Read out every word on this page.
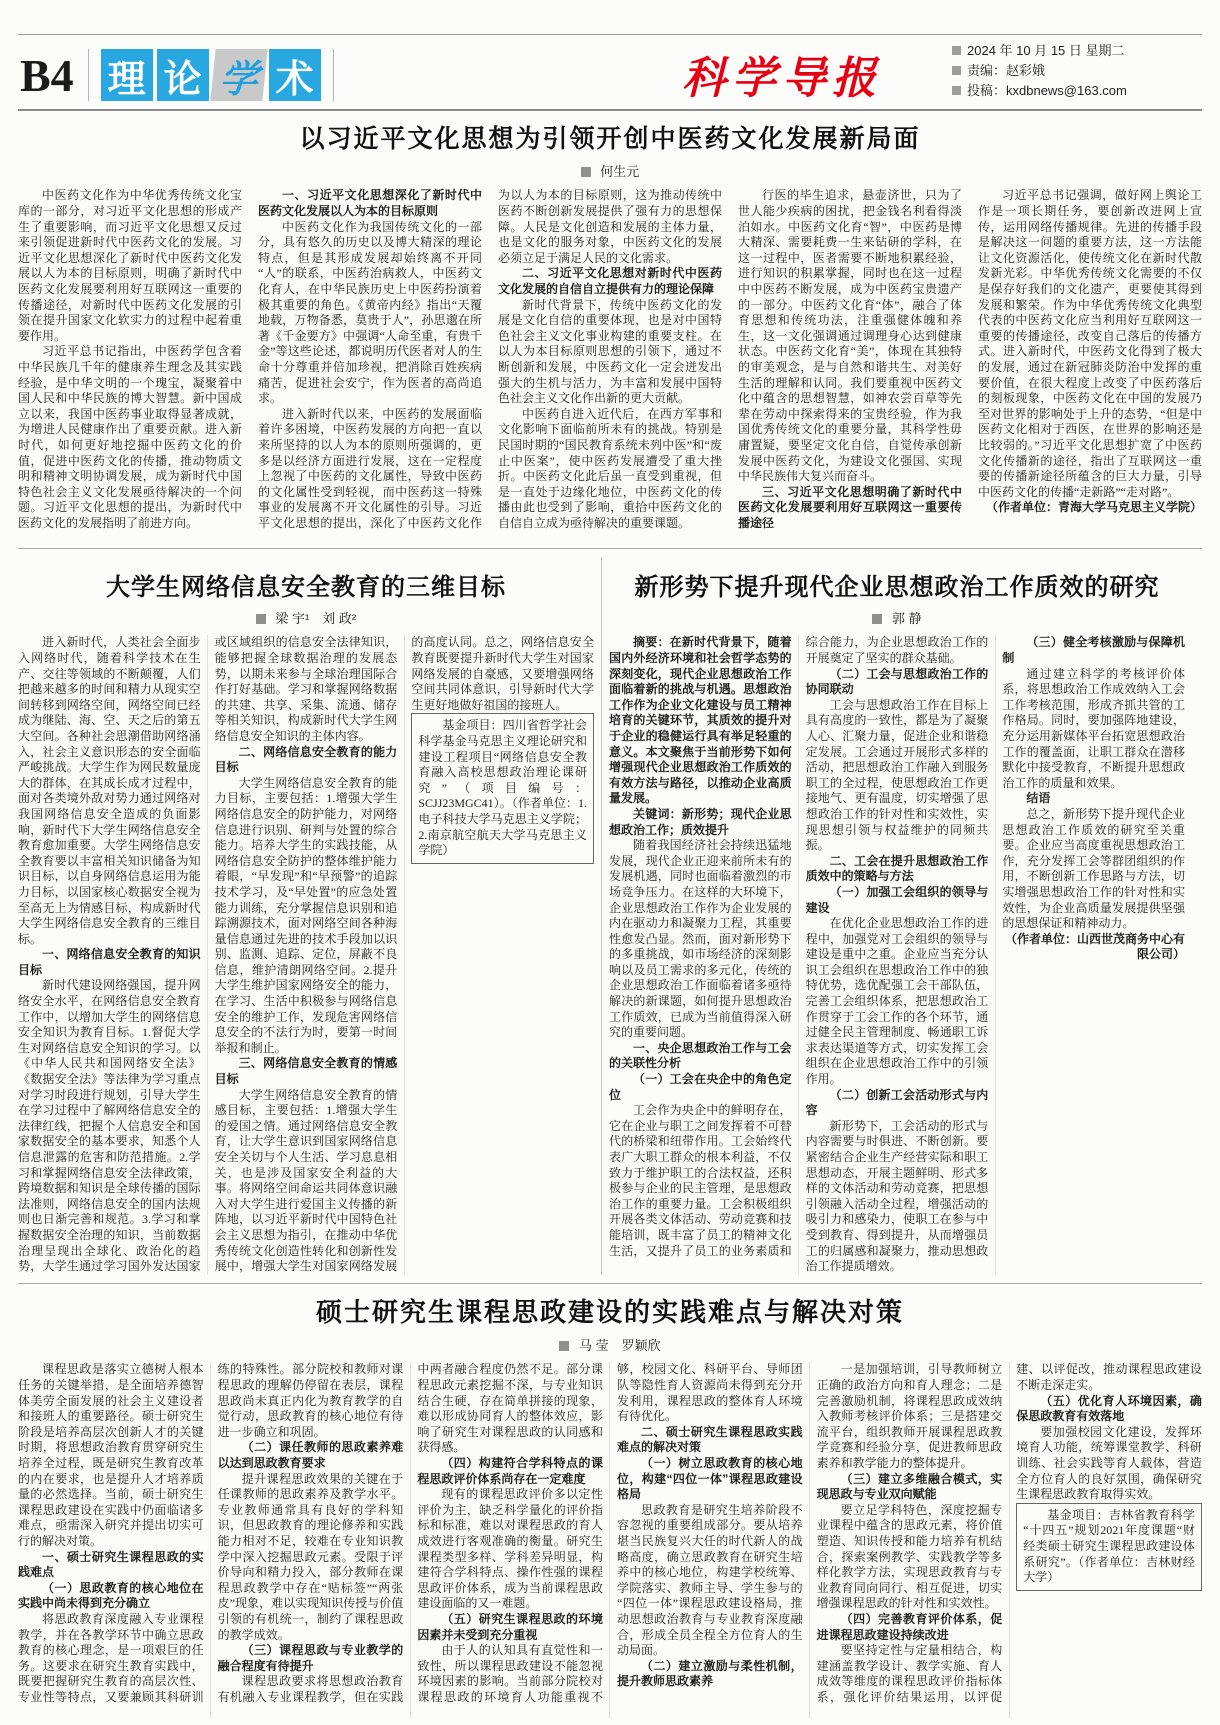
B4 理 论 学 术	科学导报
2024 年 10 月 15 日 星期二
责编：赵彩娥
投稿：kxdbnews@163.com
以习近平文化思想为引领开创中医药文化发展新局面
何生元

中医药文化作为中华优秀传统文化宝库的一部分，对习近平文化思想的形成产生了重要影响，而习近平文化思想又反过来引领促进新时代中医药文化的发展。习近平文化思想深化了新时代中医药文化发展以人为本的目标原则，明确了新时代中医药文化发展要利用好互联网这一重要的传播途径，对新时代中医药文化发展的引领在提升国家文化软实力的过程中起着重要作用。

习近平总书记指出，中医药学包含着中华民族几千年的健康养生理念及其实践经验，是中华文明的一个瑰宝，凝聚着中国人民和中华民族的博大智慧。新中国成立以来，我国中医药事业取得显著成就，为增进人民健康作出了重要贡献。进入新时代，如何更好地挖掘中医药文化的价值，促进中医药文化的传播，推动物质文明和精神文明协调发展，成为新时代中国特色社会主义文化发展亟待解决的一个问题。习近平文化思想的提出，为新时代中医药文化的发展指明了前进方向。

一、习近平文化思想深化了新时代中医药文化发展以人为本的目标原则

中医药文化作为我国传统文化的一部分，具有悠久的历史以及博大精深的理论特点，但是其形成发展却始终离不开同“人”的联系，中医药治病救人，中医药文化育人，在中华民族历史上中医药扮演着极其重要的角色。《黄帝内经》指出“天覆地载，万物备悉，莫贵于人”，孙思邈在所著《千金要方》中强调“人命至重，有贵千金”等这些论述，都说明历代医者对人的生命十分尊重并倍加珍视，把消除百姓疾病痛苦，促进社会安宁，作为医者的高尚追求。

进入新时代以来，中医药的发展面临着许多困境，中医药发展的方向把一直以来所坚持的以人为本的原则所强调的，更多是以经济方面进行发展，这在一定程度上忽视了中医药的文化属性，导致中医药的文化属性受到轻视，而中医药这一特殊事业的发展离不开文化属性的引导。习近平文化思想的提出，深化了中医药文化作为以人为本的目标原则，这为推动传统中医药不断创新发展提供了强有力的思想保障。人民是文化创造和发展的主体力量，也是文化的服务对象，中医药文化的发展必须立足于满足人民的文化需求。

二、习近平文化思想对新时代中医药文化发展的自信自立提供有力的理论保障

新时代背景下，传统中医药文化的发展是文化自信的重要体现，也是对中国特色社会主义文化事业构建的重要支柱。在以人为本目标原则思想的引领下，通过不断创新和发展，中医药文化一定会迸发出强大的生机与活力，为丰富和发展中国特色社会主义文化作出新的更大贡献。

中医药自进入近代后，在西方军事和文化影响下面临前所未有的挑战。特别是民国时期的“国民教育系统未列中医”和“废止中医案”，使中医药发展遭受了重大挫折。中医药文化此后虽一直受到重视，但是一直处于边缘化地位，中医药文化的传播由此也受到了影响，重拾中医药文化的自信自立成为亟待解决的重要课题。

行医的毕生追求，悬壶济世，只为了世人能少疾病的困扰，把金钱名利看得淡泊如水。中医药文化育“智”，中医药是博大精深、需要耗费一生来钻研的学科，在这一过程中，医者需要不断地积累经验，进行知识的积累掌握，同时也在这一过程中中医药不断发展，成为中医药宝贵遗产的一部分。中医药文化育“体”，融合了体育思想和传统功法，注重强健体魄和养生，这一文化强调通过调理身心达到健康状态。中医药文化育“美”，体现在其独特的审美观念，是与自然和谐共生、对美好生活的理解和认同。我们要重视中医药文化中蕴含的思想智慧，如神农尝百草等先辈在劳动中探索得来的宝贵经验，作为我国优秀传统文化的重要分量，其科学性毋庸置疑，要坚定文化自信，自觉传承创新发展中医药文化，为建设文化强国、实现中华民族伟大复兴而奋斗。

三、习近平文化思想明确了新时代中医药文化发展要利用好互联网这一重要传播途径

习近平总书记强调，做好网上舆论工作是一项长期任务，要创新改进网上宣传，运用网络传播规律。先进的传播手段是解决这一问题的重要方法，这一方法能让文化资源活化，使传统文化在新时代散发新光彩。中华优秀传统文化需要的不仅是保存好我们的文化遗产，更要使其得到发展和繁荣。作为中华优秀传统文化典型代表的中医药文化应当利用好互联网这一重要的传播途径，改变自己落后的传播方式。进入新时代，中医药文化得到了极大的发展，通过在新冠肺炎防治中发挥的重要价值，在很大程度上改变了中医药落后的刻板现象，中医药文化在中国的发展乃至对世界的影响处于上升的态势，“但是中医药文化相对于西医，在世界的影响还是比较弱的。”习近平文化思想扩宽了中医药文化传播新的途径，指出了互联网这一重要的传播新途径所蕴含的巨大力量，引导中医药文化的传播“走新路”“走对路”。

（作者单位：青海大学马克思主义学院）

大学生网络信息安全教育的三维目标
梁 宇¹　刘 政²

进入新时代，人类社会全面步入网络时代，随着科学技术在生产、交往等领域的不断颠覆，人们把越来越多的时间和精力从现实空间转移到网络空间，网络空间已经成为继陆、海、空、天之后的第五大空间。各种社会思潮借助网络涌入，社会主义意识形态的安全面临严峻挑战。大学生作为网民数量庞大的群体，在其成长成才过程中，面对各类境外敌对势力通过网络对我国网络信息安全造成的负面影响，新时代下大学生网络信息安全教育愈加重要。大学生网络信息安全教育要以丰富相关知识储备为知识目标，以自身网络信息运用为能力目标，以国家核心数据安全视为至高无上为情感目标，构成新时代大学生网络信息安全教育的三维目标。

一、网络信息安全教育的知识目标

新时代建设网络强国，提升网络安全水平，在网络信息安全教育工作中，以增加大学生的网络信息安全知识为教育目标。1.督促大学生对网络信息安全知识的学习。以《中华人民共和国网络安全法》《数据安全法》等法律为学习重点对学习时段进行规划，引导大学生在学习过程中了解网络信息安全的法律红线，把握个人信息安全和国家数据安全的基本要求，知悉个人信息泄露的危害和防范措施。2.学习和掌握网络信息安全法律政策，跨境数据和知识是全球传播的国际法准则，网络信息安全的国内法规则也日渐完善和规范。3.学习和掌握数据安全治理的知识，当前数据治理呈现出全球化、政治化的趋势，大学生通过学习国外发达国家或区域组织的信息安全法律知识，能够把握全球数据治理的发展态势，以期未来参与全球治理国际合作打好基础。学习和掌握网络数据的共建、共享、采集、流通、储存等相关知识，构成新时代大学生网络信息安全知识的主体内容。

二、网络信息安全教育的能力目标

大学生网络信息安全教育的能力目标，主要包括：1.增强大学生网络信息安全的防护能力，对网络信息进行识别、研判与处置的综合能力。培养大学生的实践技能，从网络信息安全防护的整体维护能力着眼，“早发现”和“早预警”的追踪技术学习，及“早处置”的应急处置能力训练，充分掌握信息识别和追踪溯源技术，面对网络空间各种海量信息通过先进的技术手段加以识别、监测、追踪、定位，屏蔽不良信息，维护清朗网络空间。2.提升大学生维护国家网络安全的能力，在学习、生活中积极参与网络信息安全的维护工作，发现危害网络信息安全的不法行为时，要第一时间举报和制止。

三、网络信息安全教育的情感目标

大学生网络信息安全教育的情感目标，主要包括：1.增强大学生的爱国之情。通过网络信息安全教育，让大学生意识到国家网络信息安全关切与个人生活、学习息息相关，也是涉及国家安全利益的大事。将网络空间命运共同体意识融入对大学生进行爱国主义传播的新阵地，以习近平新时代中国特色社会主义思想为指引，在推动中华优秀传统文化创造性转化和创新性发展中，增强大学生对国家网络发展的高度认同。总之，网络信息安全教育既要提升新时代大学生对国家网络发展的自豪感，又要增强网络空间共同体意识，引导新时代大学生更好地做好祖国的接班人。

基金项目：四川省哲学社会科学基金马克思主义理论研究和建设工程项目“网络信息安全教育融入高校思想政治理论课研究”（项目编号：SCJJ23MGC41）。（作者单位：1.电子科技大学马克思主义学院；2.南京航空航天大学马克思主义学院）
新形势下提升现代企业思想政治工作质效的研究
郭 静

摘要：在新时代背景下，随着国内外经济环境和社会哲学态势的深刻变化，现代企业思想政治工作面临着新的挑战与机遇。思想政治工作作为企业文化建设与员工精神培育的关键环节，其质效的提升对于企业的稳健运行具有举足轻重的意义。本文聚焦于当前形势下如何增强现代企业思想政治工作质效的有效方法与路径，以推动企业高质量发展。

关键词：新形势；现代企业思想政治工作；质效提升

随着我国经济社会持续迅猛地发展，现代企业正迎来前所未有的发展机遇，同时也面临着激烈的市场竞争压力。在这样的大环境下，企业思想政治工作作为企业发展的内在驱动力和凝聚力工程，其重要性愈发凸显。然而，面对新形势下的多重挑战，如市场经济的深刻影响以及员工需求的多元化，传统的企业思想政治工作面临着诸多亟待解决的新课题，如何提升思想政治工作质效，已成为当前值得深入研究的重要问题。

一、央企思想政治工作与工会的关联性分析
（一）工会在央企中的角色定位

工会作为央企中的鲜明存在，它在企业与职工之间发挥着不可替代的桥梁和纽带作用。工会始终代表广大职工群众的根本利益，不仅致力于维护职工的合法权益，还积极参与企业的民主管理，是思想政治工作的重要力量。工会积极组织开展各类文体活动、劳动竞赛和技能培训，既丰富了员工的精神文化生活，又提升了员工的业务素质和综合能力，为企业思想政治工作的开展奠定了坚实的群众基础。

（二）工会与思想政治工作的协同联动

工会与思想政治工作在目标上具有高度的一致性，都是为了凝聚人心、汇聚力量，促进企业和谐稳定发展。工会通过开展形式多样的活动，把思想政治工作融入到服务职工的全过程，使思想政治工作更接地气、更有温度，切实增强了思想政治工作的针对性和实效性，实现思想引领与权益维护的同频共振。

二、工会在提升思想政治工作质效中的策略与方法
（一）加强工会组织的领导与建设

在优化企业思想政治工作的进程中，加强党对工会组织的领导与建设是重中之重。企业应当充分认识工会组织在思想政治工作中的独特优势，选优配强工会干部队伍，完善工会组织体系，把思想政治工作贯穿于工会工作的各个环节，通过健全民主管理制度、畅通职工诉求表达渠道等方式，切实发挥工会组织在企业思想政治工作中的引领作用。

（二）创新工会活动形式与内容

新形势下，工会活动的形式与内容需要与时俱进、不断创新。要紧密结合企业生产经营实际和职工思想动态，开展主题鲜明、形式多样的文体活动和劳动竞赛，把思想引领融入活动全过程，增强活动的吸引力和感染力，使职工在参与中受到教育、得到提升，从而增强员工的归属感和凝聚力，推动思想政治工作提质增效。

（三）健全考核激励与保障机制

通过建立科学的考核评价体系，将思想政治工作成效纳入工会工作考核范围，形成齐抓共管的工作格局。同时，要加强阵地建设，充分运用新媒体平台拓宽思想政治工作的覆盖面，让职工群众在潜移默化中接受教育，不断提升思想政治工作的质量和效果。

结语

总之，新形势下提升现代企业思想政治工作质效的研究至关重要。企业应当高度重视思想政治工作，充分发挥工会等群团组织的作用，不断创新工作思路与方法，切实增强思想政治工作的针对性和实效性，为企业高质量发展提供坚强的思想保证和精神动力。

（作者单位：山西世茂商务中心有限公司）

硕士研究生课程思政建设的实践难点与解决对策
马 莹　罗颖欣

课程思政是落实立德树人根本任务的关键举措，是全面培养德智体美劳全面发展的社会主义建设者和接班人的重要路径。硕士研究生阶段是培养高层次创新人才的关键时期，将思想政治教育贯穿研究生培养全过程，既是研究生教育改革的内在要求，也是提升人才培养质量的必然选择。当前，硕士研究生课程思政建设在实践中仍面临诸多难点，亟需深入研究并提出切实可行的解决对策。

一、硕士研究生课程思政的实践难点
（一）思政教育的核心地位在实践中尚未得到充分确立

将思政教育深度融入专业课程教学，并在各教学环节中确立思政教育的核心理念，是一项艰巨的任务。这要求在研究生教育实践中，既要把握研究生教育的高层次性、专业性等特点，又要兼顾其科研训练的特殊性。部分院校和教师对课程思政的理解仍停留在表层，课程思政尚未真正内化为教育教学的自觉行动，思政教育的核心地位有待进一步确立和巩固。

（二）课任教师的思政素养难以达到思政教育要求

提升课程思政效果的关键在于任课教师的思政素养及教学水平。专业教师通常具有良好的学科知识，但思政教育的理论修养和实践能力相对不足，较难在专业知识教学中深入挖掘思政元素。受限于评价导向和精力投入，部分教师在课程思政教学中存在“贴标签”“两张皮”现象，难以实现知识传授与价值引领的有机统一，制约了课程思政的教学成效。

（三）课程思政与专业教学的融合程度有待提升

课程思政要求将思想政治教育有机融入专业课程教学，但在实践中两者融合程度仍然不足。部分课程思政元素挖掘不深，与专业知识结合生硬，存在简单拼接的现象，难以形成协同育人的整体效应，影响了研究生对课程思政的认同感和获得感。

（四）构建符合学科特点的课程思政评价体系尚存在一定难度

现有的课程思政评价多以定性评价为主，缺乏科学量化的评价指标和标准，难以对课程思政的育人成效进行客观准确的衡量。研究生课程类型多样、学科差异明显，构建符合学科特点、操作性强的课程思政评价体系，成为当前课程思政建设面临的又一难题。

（五）研究生课程思政的环境因素并未受到充分重视

由于人的认知具有直觉性和一致性，所以课程思政建设不能忽视环境因素的影响。当前部分院校对课程思政的环境育人功能重视不够，校园文化、科研平台、导师团队等隐性育人资源尚未得到充分开发利用，课程思政的整体育人环境有待优化。

二、硕士研究生课程思政实践难点的解决对策
（一）树立思政教育的核心地位，构建“四位一体”课程思政建设格局

思政教育是研究生培养阶段不容忽视的重要组成部分。要从培养堪当民族复兴大任的时代新人的战略高度，确立思政教育在研究生培养中的核心地位，构建学校统筹、学院落实、教师主导、学生参与的“四位一体”课程思政建设格局，推动思想政治教育与专业教育深度融合，形成全员全程全方位育人的生动局面。

（二）建立激励与柔性机制，提升教师思政素养

一是加强培训，引导教师树立正确的政治方向和育人理念；二是完善激励机制，将课程思政成效纳入教师考核评价体系；三是搭建交流平台，组织教师开展课程思政教学竞赛和经验分享，促进教师思政素养和教学能力的整体提升。

（三）建立多维融合模式，实现思政与专业双向赋能

要立足学科特色，深度挖掘专业课程中蕴含的思政元素，将价值塑造、知识传授和能力培养有机结合，探索案例教学、实践教学等多样化教学方法，实现思政教育与专业教育同向同行、相互促进，切实增强课程思政的针对性和实效性。

（四）完善教育评价体系，促进课程思政建设持续改进

要坚持定性与定量相结合，构建涵盖教学设计、教学实施、育人成效等维度的课程思政评价指标体系，强化评价结果运用，以评促建、以评促改，推动课程思政建设不断走深走实。

（五）优化育人环境因素，确保思政教育有效落地

要加强校园文化建设，发挥环境育人功能，统筹课堂教学、科研训练、社会实践等育人载体，营造全方位育人的良好氛围，确保研究生课程思政教育取得实效。

基金项目：吉林省教育科学“十四五”规划2021年度课题“财经类硕士研究生课程思政建设体系研究”。（作者单位：吉林财经大学）
